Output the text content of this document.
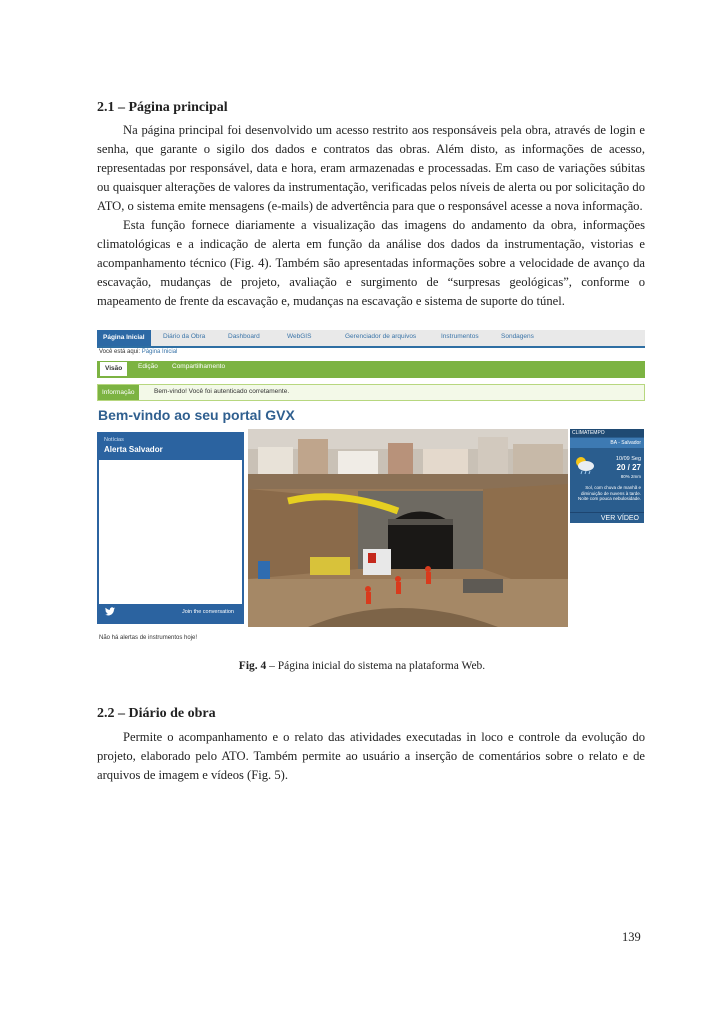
2.1 – Página principal

Na página principal foi desenvolvido um acesso restrito aos responsáveis pela obra, através de login e senha, que garante o sigilo dos dados e contratos das obras. Além disto, as informações de acesso, representadas por responsável, data e hora, eram armazenadas e processadas. Em caso de variações súbitas ou quaisquer alterações de valores da instrumentação, verificadas pelos níveis de alerta ou por solicitação do ATO, o sistema emite mensagens (e-mails) de advertência para que o responsável acesse a nova informação.

Esta função fornece diariamente a visualização das imagens do andamento da obra, informações climatológicas e a indicação de alerta em função da análise dos dados da instrumentação, vistorias e acompanhamento técnico (Fig. 4). Também são apresentadas informações sobre a velocidade de avanço da escavação, mudanças de projeto, avaliação e surgimento de “surpresas geológicas”, conforme o mapeamento de frente da escavação e, mudanças na escavação e sistema de suporte do túnel.

Página Inicial	Diário da Obra	Dashboard	WebGIS	Gerenciador de arquivos	Instrumentos	Sondagens
Você está aqui: Página Inicial
Visão	Edição Compartilhamento
Informação	Bem-vindo! Você foi autenticado corretamente.
Bem-vindo ao seu portal GVX
Notícias
Alerta Salvador
Join the conversation
Não há alertas de instrumentos hoje!
CLIMATEMPO
BA - Salvador
10/09 Seg
20 / 27
80% 2mm
Sol, com chuva de manhã e diminuição de nuvens à tarde. Noite com pouca nebulosidade.
VER VÍDEO
Fig. 4 – Página inicial do sistema na plataforma Web.
2.2 – Diário de obra

Permite o acompanhamento e o relato das atividades executadas in loco e controle da evolução do projeto, elaborado pelo ATO. Também permite ao usuário a inserção de comentários sobre o relato e de arquivos de imagem e vídeos (Fig. 5).

139
